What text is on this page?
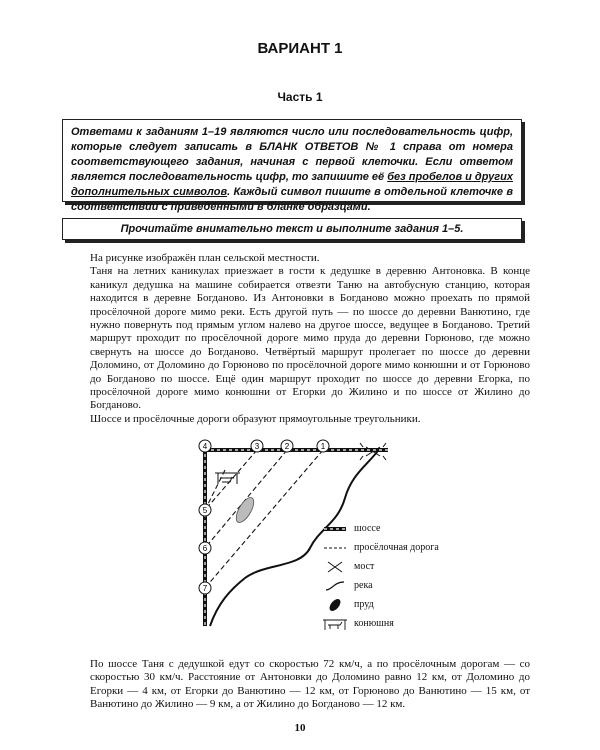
ВАРИАНТ 1
Часть 1
Ответами к заданиям 1–19 являются число или последовательность цифр, которые следует записать в БЛАНК ОТВЕТОВ № 1 справа от номера соответствующего задания, начиная с первой клеточки. Если ответом является последовательность цифр, то запишите её без пробелов и других дополнительных символов. Каждый символ пишите в отдельной клеточке в соответствии с приведёнными в бланке образцами.
Прочитайте внимательно текст и выполните задания 1–5.

На рисунке изображён план сельской местности.

Таня на летних каникулах приезжает в гости к дедушке в деревню Антоновка. В конце каникул дедушка на машине собирается отвезти Таню на автобусную станцию, которая находится в деревне Богданово. Из Антоновки в Богданово можно проехать по прямой просёлочной дороге мимо реки. Есть другой путь — по шоссе до деревни Ванютино, где нужно повернуть под прямым углом налево на другое шоссе, ведущее в Богданово. Третий маршрут проходит по просёлочной дороге мимо пруда до деревни Горюново, где можно свернуть на шоссе до Богданово. Четвёртый маршрут пролегает по шоссе до деревни Доломино, от Доломино до Горюново по просёлочной дороге мимо конюшни и от Горюново до Богданово по шоссе. Ещё один маршрут проходит по шоссе до деревни Егорка, по просёлочной дороге мимо конюшни от Егорки до Жилино и по шоссе от Жилино до Богданово.

Шоссе и просёлочные дороги образуют прямоугольные треугольники.

1
2
3
4
5
6
7
шоссе
просёлочная дорога
мост
река
пруд
конюшня
По шоссе Таня с дедушкой едут со скоростью 72 км/ч, а по просёлочным дорогам — со скоростью 30 км/ч. Расстояние от Антоновки до Доломино равно 12 км, от Доломино до Егорки — 4 км, от Егорки до Ванютино — 12 км, от Горюново до Ванютино — 15 км, от Ванютино до Жилино — 9 км, а от Жилино до Богданово — 12 км.
10
